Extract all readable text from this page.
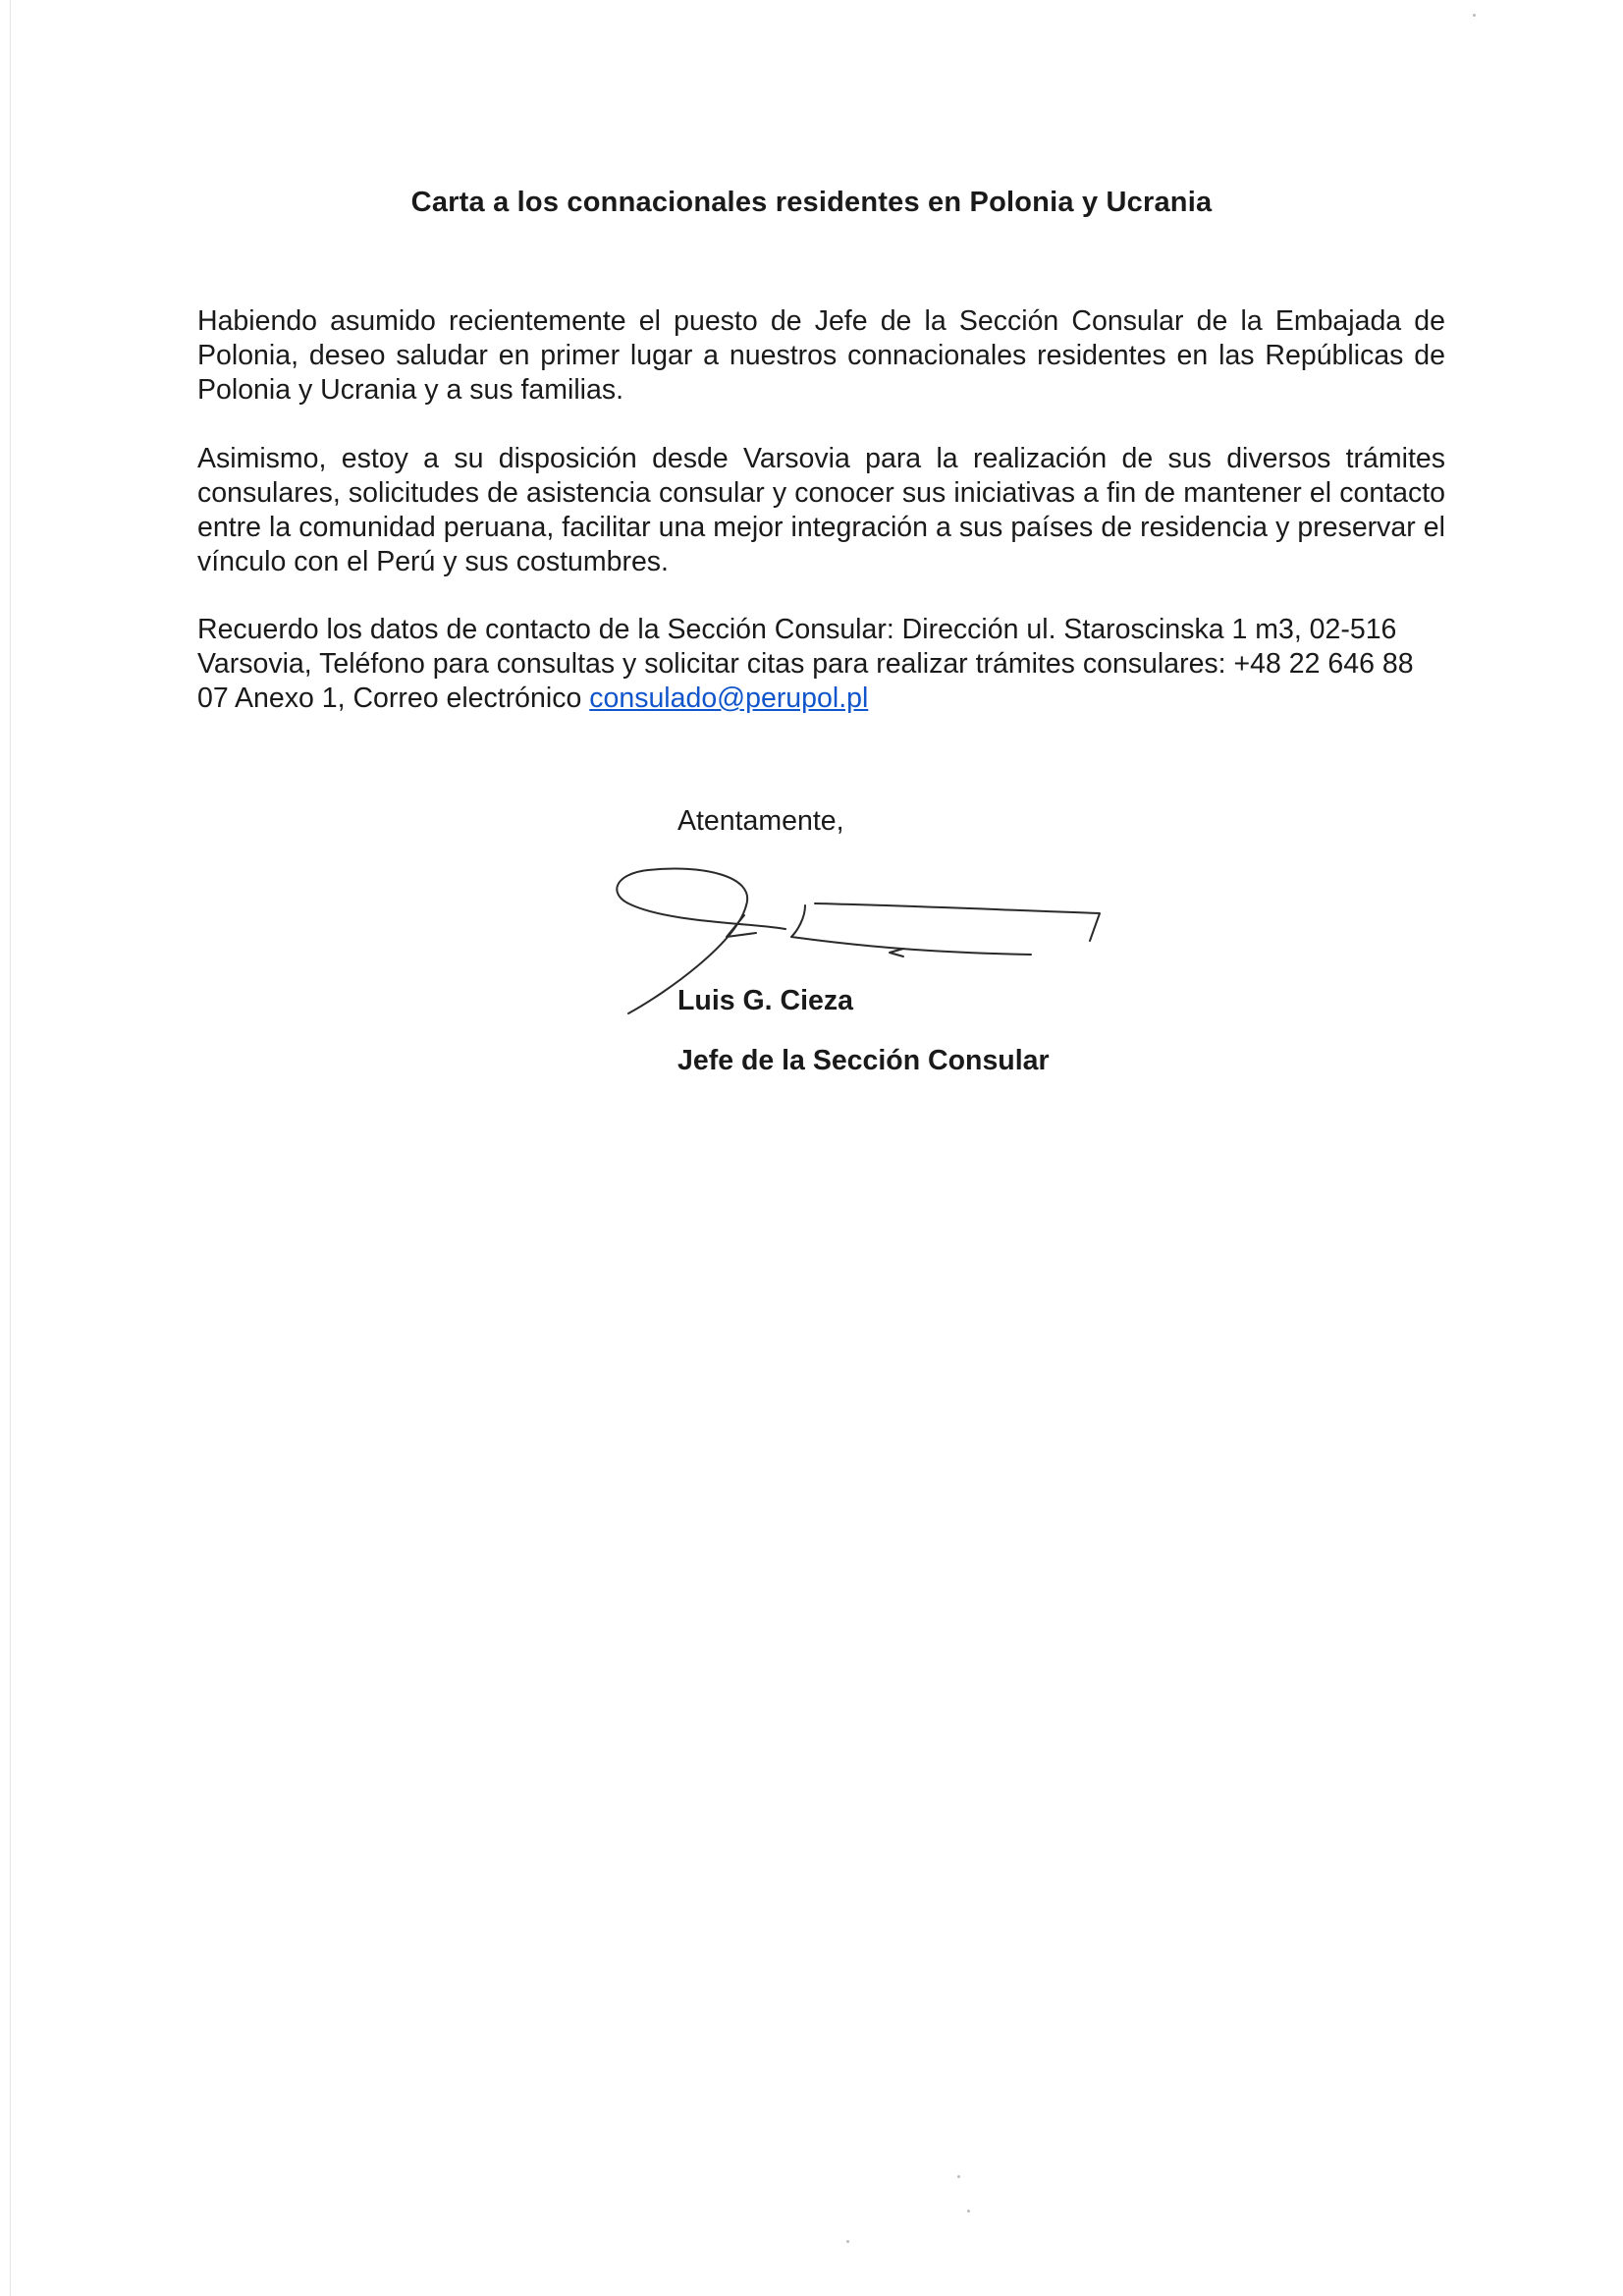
Carta a los connacionales residentes en Polonia y Ucrania
Habiendo asumido recientemente el puesto de Jefe de la Sección Consular de la Embajada de Polonia, deseo saludar en primer lugar a nuestros connacionales residentes en las Repúblicas de Polonia y Ucrania y a sus familias.
Asimismo, estoy a su disposición desde Varsovia para la realización de sus diversos trámites consulares, solicitudes de asistencia consular y conocer sus iniciativas a fin de mantener el contacto entre la comunidad peruana, facilitar una mejor integración a sus países de residencia y preservar el vínculo con el Perú y sus costumbres.
Recuerdo los datos de contacto de la Sección Consular: Dirección ul. Staroscinska 1 m3, 02-516 Varsovia, Teléfono para consultas y solicitar citas para realizar trámites consulares: +48 22 646 88 07 Anexo 1, Correo electrónico consulado@perupol.pl
Atentamente,
Luis G. Cieza
Jefe de la Sección Consular
